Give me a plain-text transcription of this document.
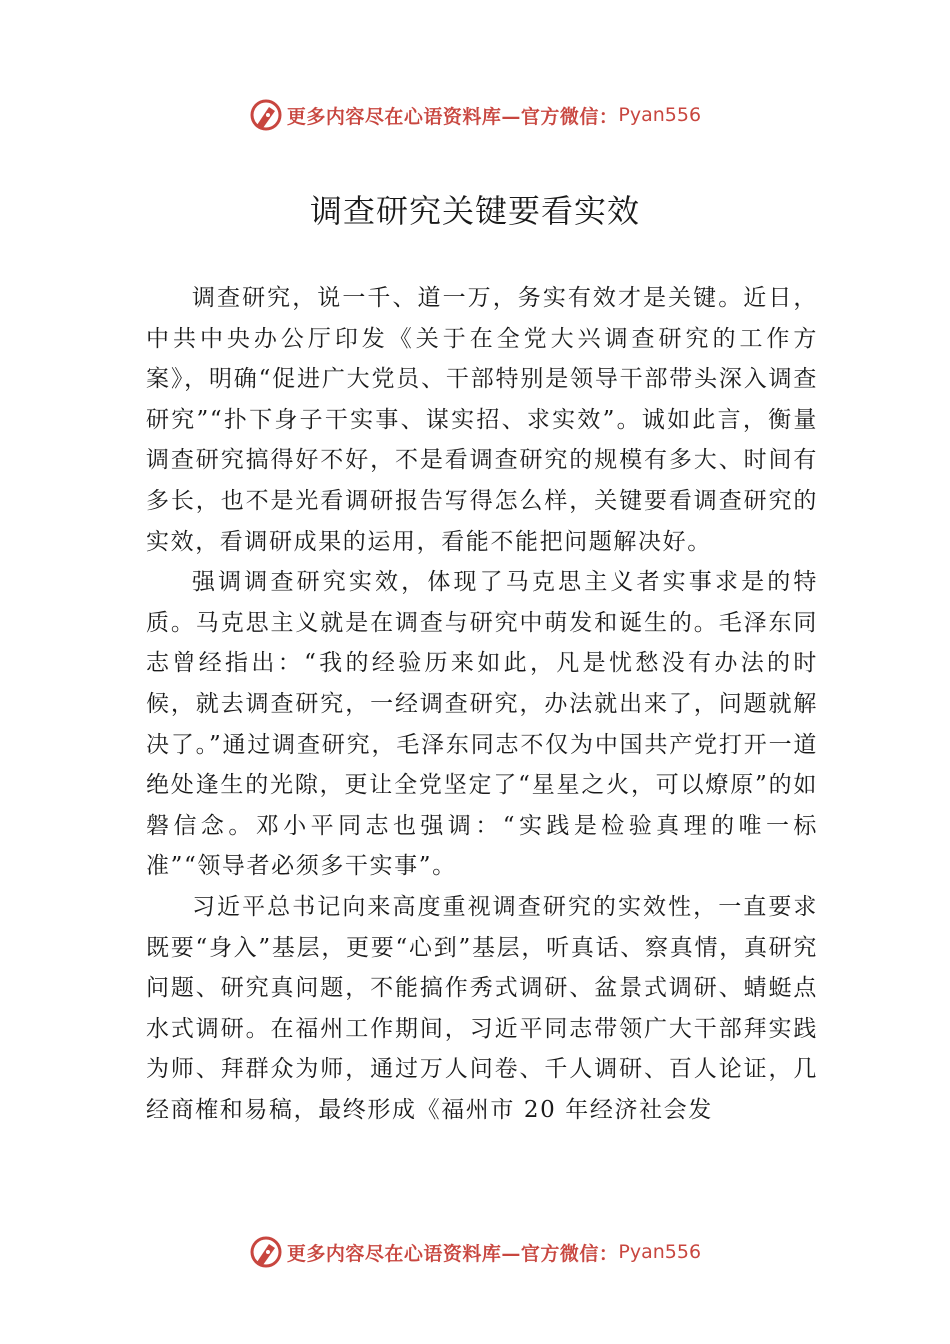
更多内容尽在心语资料库—官方微信： Pyan556
调查研究关键要看实效

调查研究，说一千、道一万，务实有效才是关键。近日，中共中央办公厅印发《关于在全党大兴调查研究的工作方案》，明确“促进广大党员、干部特别是领导干部带头深入调查研究”“扑下身子干实事、谋实招、求实效”。诚如此言，衡量调查研究搞得好不好，不是看调查研究的规模有多大、时间有多长，也不是光看调研报告写得怎么样，关键要看调查研究的实效，看调研成果的运用，看能不能把问题解决好。

强调调查研究实效，体现了马克思主义者实事求是的特质。马克思主义就是在调查与研究中萌发和诞生的。毛泽东同志曾经指出：“我的经验历来如此，凡是忧愁没有办法的时候，就去调查研究，一经调查研究，办法就出来了，问题就解决了。”通过调查研究，毛泽东同志不仅为中国共产党打开一道绝处逢生的光隙，更让全党坚定了“星星之火，可以燎原”的如磐信念。邓小平同志也强调：“实践是检验真理的唯一标准”“领导者必须多干实事”。

习近平总书记向来高度重视调查研究的实效性，一直要求既要“身入”基层，更要“心到”基层，听真话、察真情，真研究问题、研究真问题，不能搞作秀式调研、盆景式调研、蜻蜓点水式调研。在福州工作期间，习近平同志带领广大干部拜实践为师、拜群众为师，通过万人问卷、千人调研、百人论证，几经商榷和易稿，最终形成《福州市 20 年经济社会发

更多内容尽在心语资料库—官方微信： Pyan556
